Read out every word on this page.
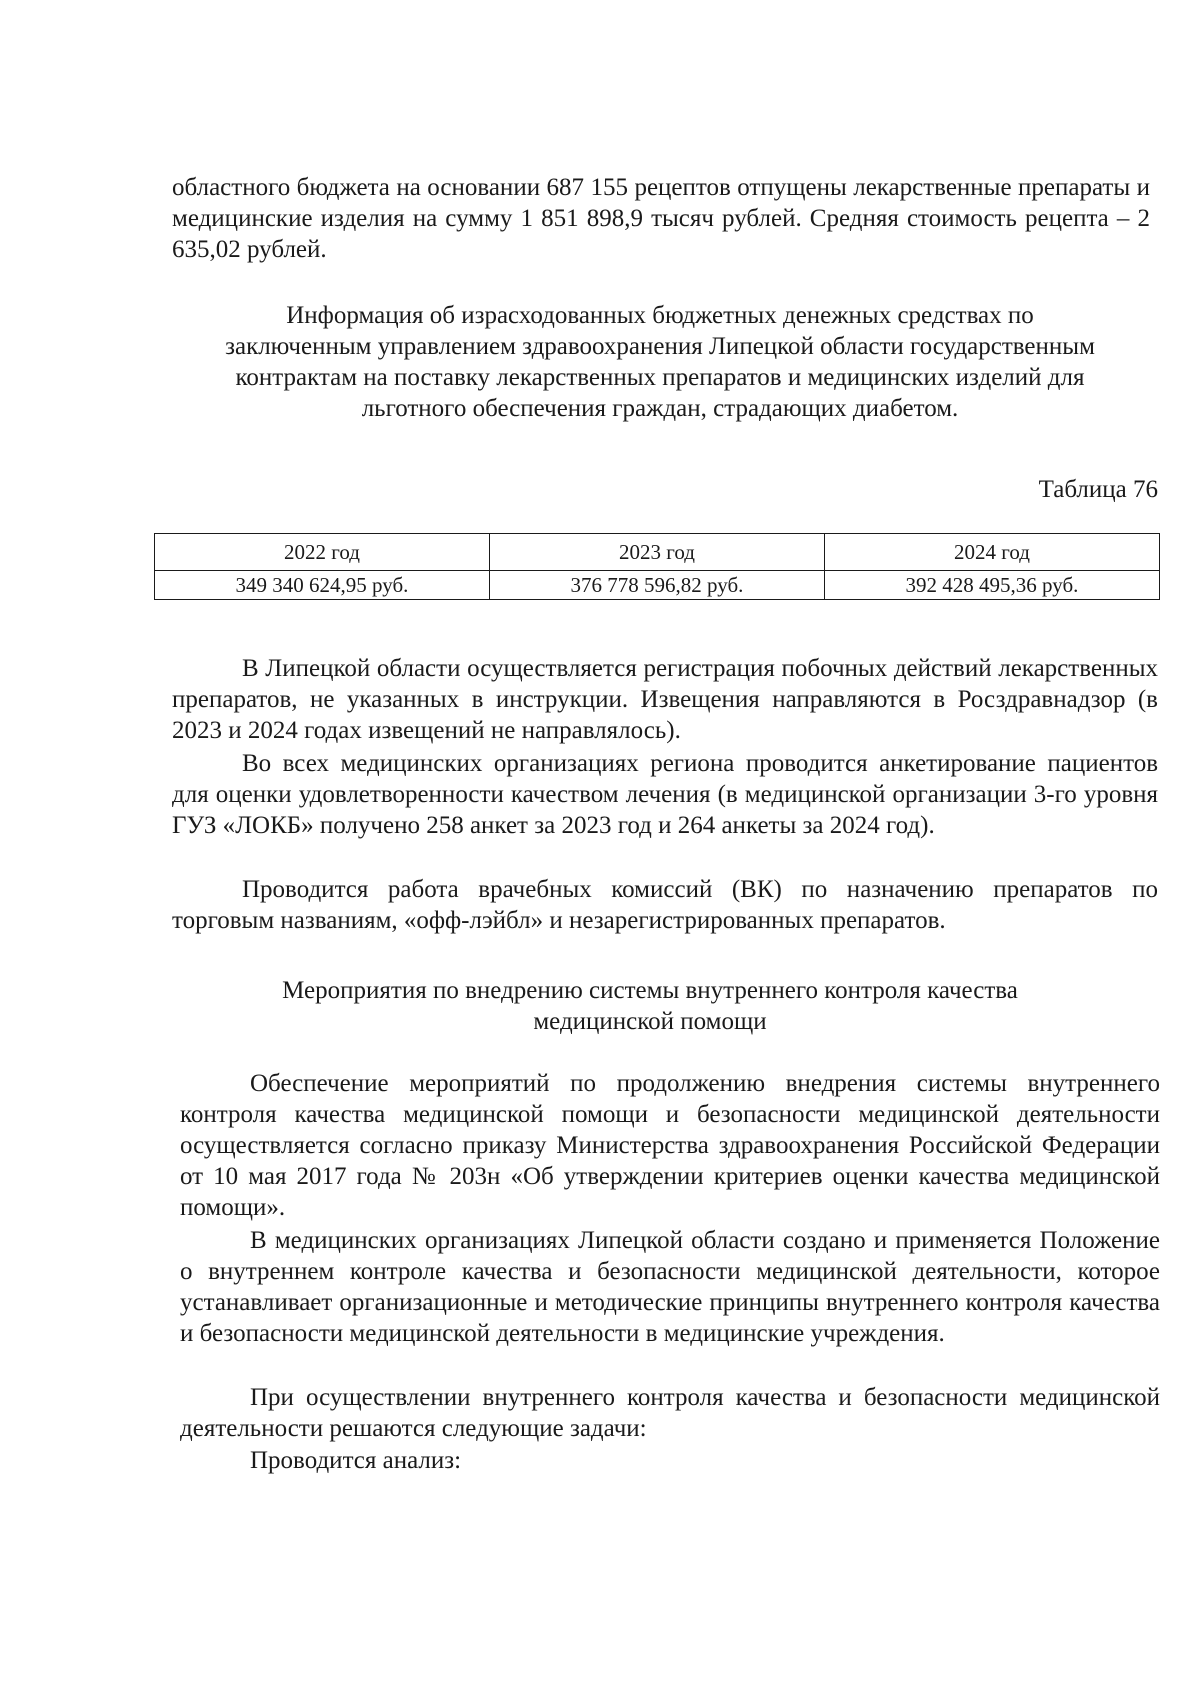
областного бюджета на основании 687 155 рецептов отпущены лекарственные препараты и медицинские изделия на сумму 1 851 898,9 тысяч рублей. Средняя стоимость рецепта – 2 635,02 рублей.
Информация об израсходованных бюджетных денежных средствах по
заключенным управлением здравоохранения Липецкой области государственным
контрактам на поставку лекарственных препаратов и медицинских изделий для
льготного обеспечения граждан, страдающих диабетом.
Таблица 76
2022 год	2023 год	2024 год
349 340 624,95 руб.	376 778 596,82 руб.	392 428 495,36 руб.
В Липецкой области осуществляется регистрация побочных действий лекарственных препаратов, не указанных в инструкции. Извещения направляются в Росздравнадзор (в 2023 и 2024 годах извещений не направлялось).
Во всех медицинских организациях региона проводится анкетирование пациентов для оценки удовлетворенности качеством лечения (в медицинской организации 3-го уровня ГУЗ «ЛОКБ» получено 258 анкет за 2023 год и 264 анкеты за 2024 год).
Проводится работа врачебных комиссий (ВК) по назначению препаратов по торговым названиям, «офф-лэйбл» и незарегистрированных препаратов.
Мероприятия по внедрению системы внутреннего контроля качества
медицинской помощи
Обеспечение мероприятий по продолжению внедрения системы внутреннего контроля качества медицинской помощи и безопасности медицинской деятельности осуществляется согласно приказу Министерства здравоохранения Российской Федерации от 10 мая 2017 года № 203н «Об утверждении критериев оценки качества медицинской помощи».
В медицинских организациях Липецкой области создано и применяется Положение о внутреннем контроле качества и безопасности медицинской деятельности, которое устанавливает организационные и методические принципы внутреннего контроля качества и безопасности медицинской деятельности в медицинские учреждения.
При осуществлении внутреннего контроля качества и безопасности медицинской деятельности решаются следующие задачи:
Проводится анализ:
